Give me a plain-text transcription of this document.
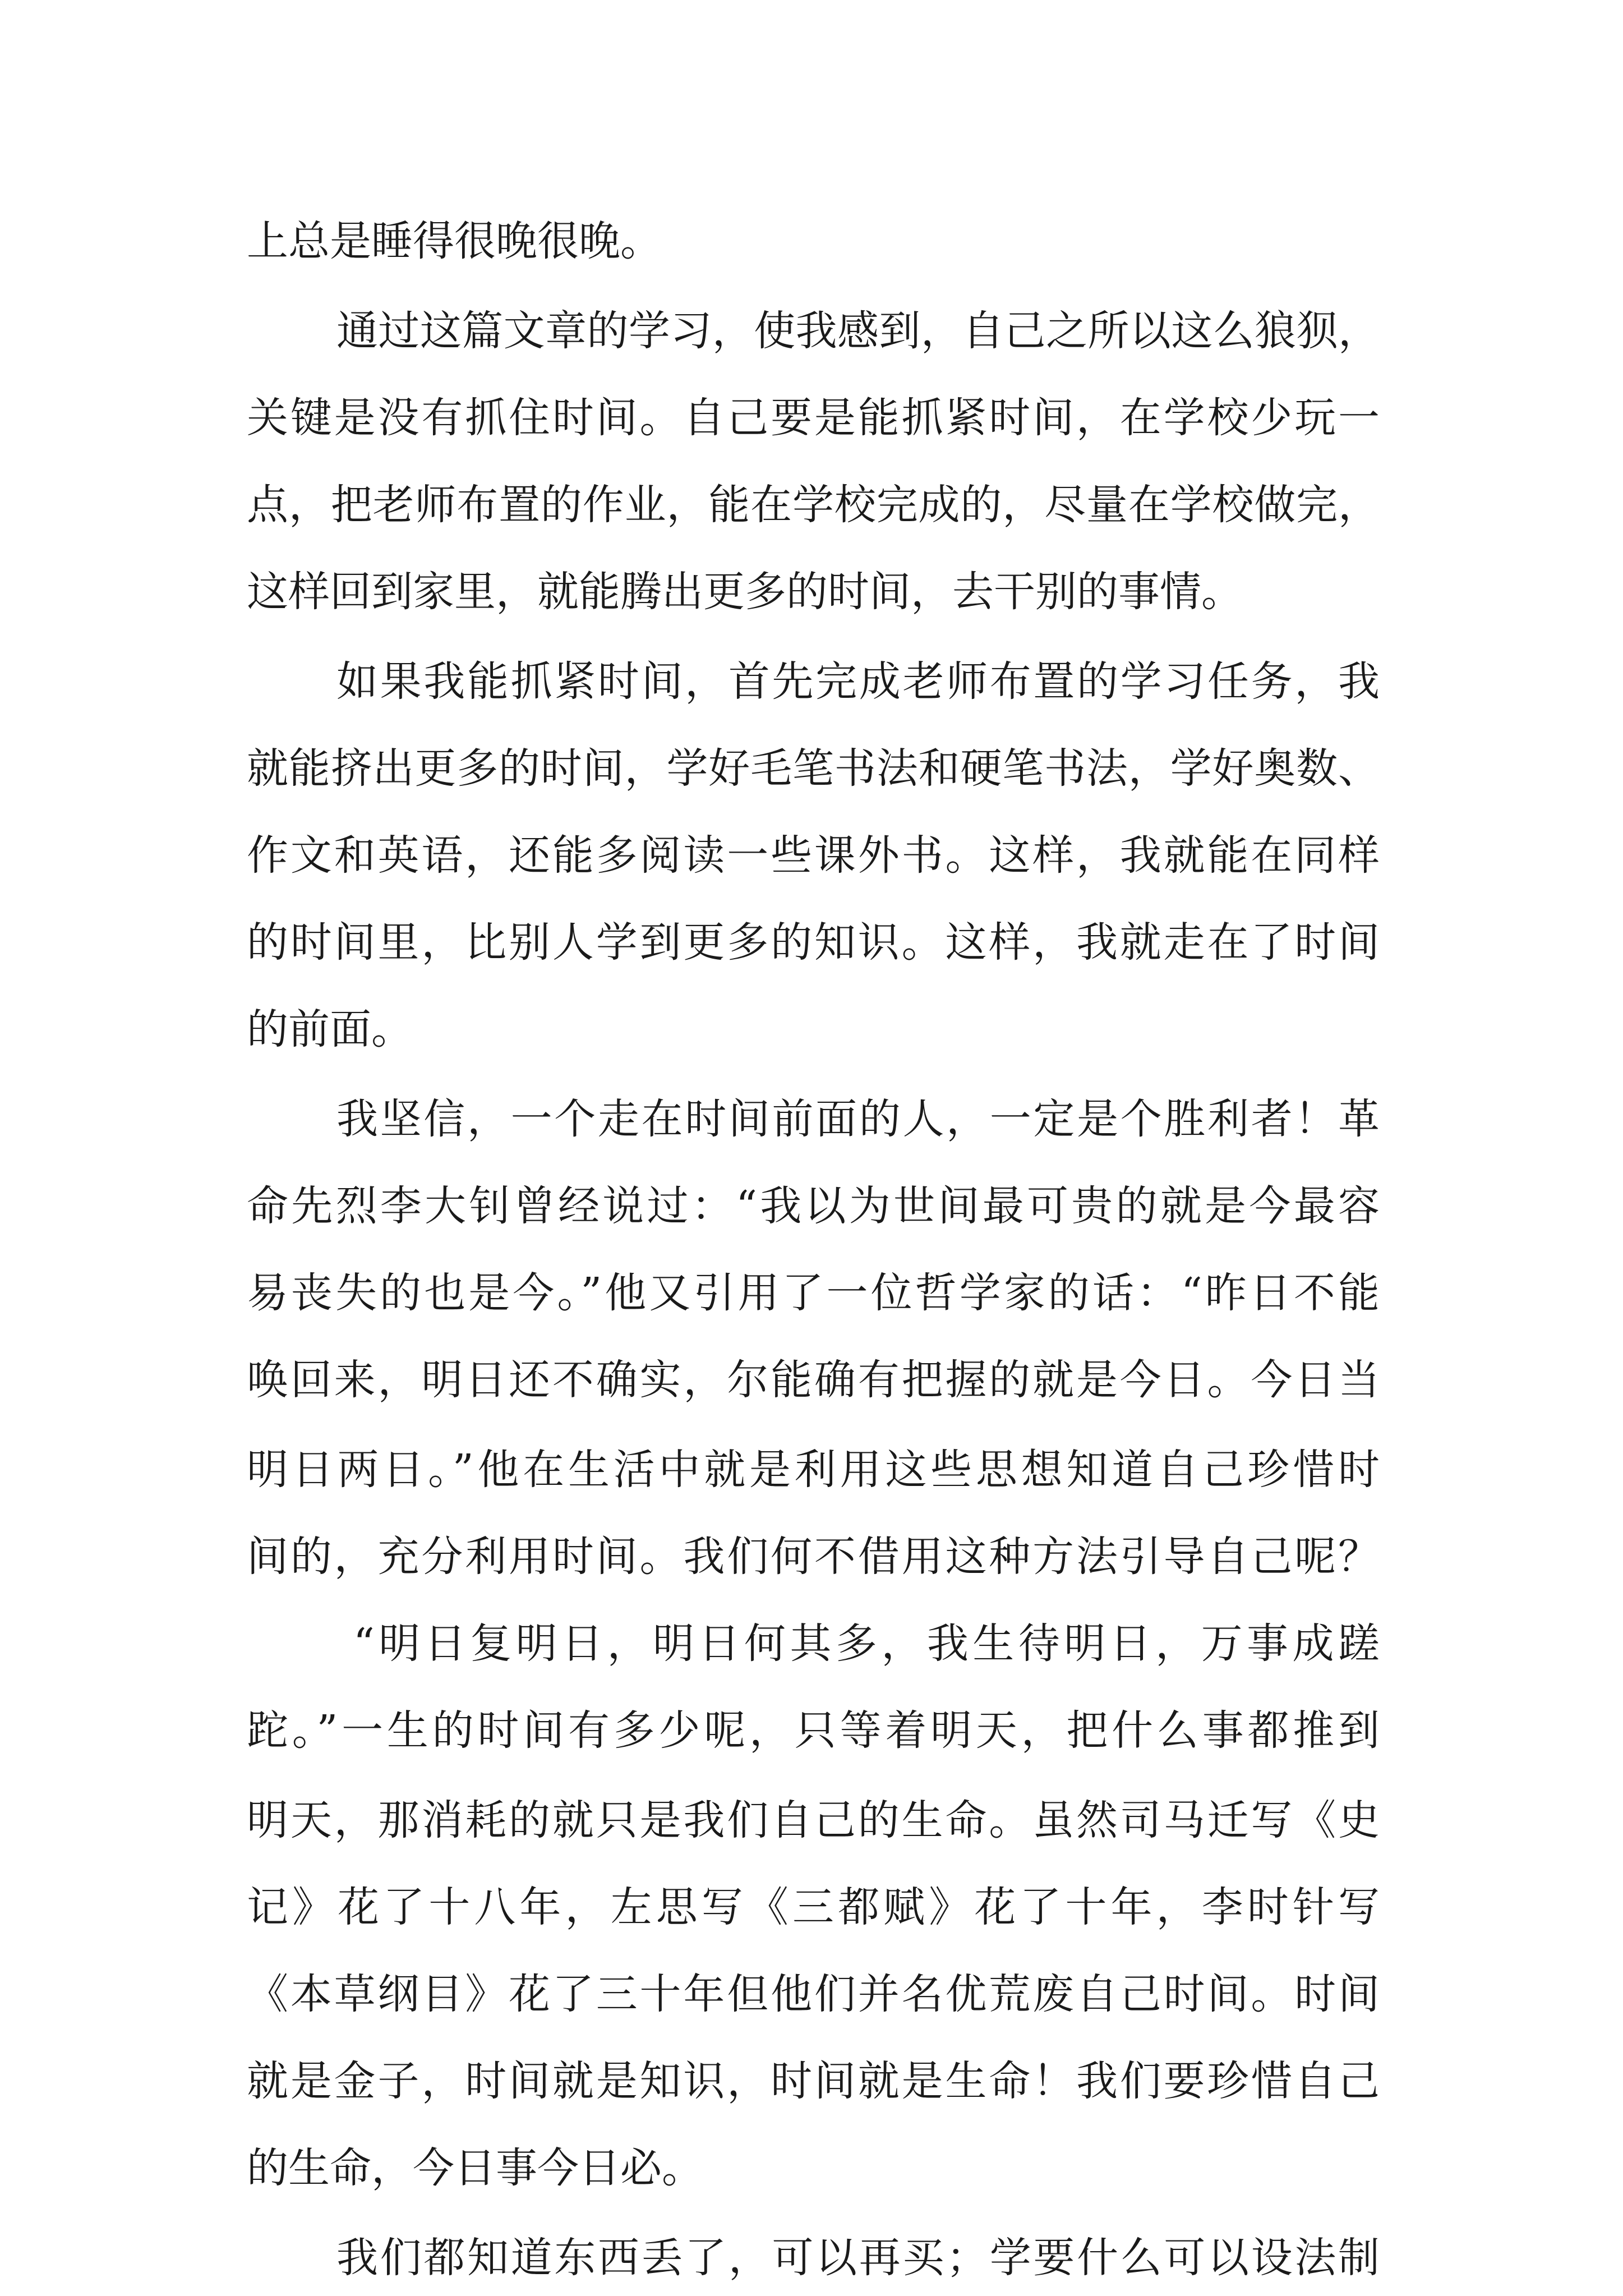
上总是睡得很晚很晚。

通过这篇文章的学习，使我感到，自己之所以这么狼狈，

关键是没有抓住时间。自己要是能抓紧时间，在学校少玩一

点，把老师布置的作业，能在学校完成的，尽量在学校做完，

这样回到家里，就能腾出更多的时间，去干别的事情。

如果我能抓紧时间，首先完成老师布置的学习任务，我

就能挤出更多的时间，学好毛笔书法和硬笔书法，学好奥数、

作文和英语，还能多阅读一些课外书。这样，我就能在同样

的时间里，比别人学到更多的知识。这样，我就走在了时间

的前面。

我坚信，一个走在时间前面的人，一定是个胜利者！革

命先烈李大钊曾经说过：“我以为世间最可贵的就是今最容

易丧失的也是今。”他又引用了一位哲学家的话：“昨日不能

唤回来，明日还不确实，尔能确有把握的就是今日。今日当

明日两日。”他在生活中就是利用这些思想知道自己珍惜时

间的，充分利用时间。我们何不借用这种方法引导自己呢？

“明日复明日，明日何其多，我生待明日，万事成蹉

跎。”一生的时间有多少呢，只等着明天，把什么事都推到

明天，那消耗的就只是我们自己的生命。虽然司马迁写《史

记》花了十八年，左思写《三都赋》花了十年，李时针写

《本草纲目》花了三十年但他们并名优荒废自己时间。时间

就是金子，时间就是知识，时间就是生命！我们要珍惜自己

的生命，今日事今日必。

我们都知道东西丢了，可以再买；学要什么可以设法制
